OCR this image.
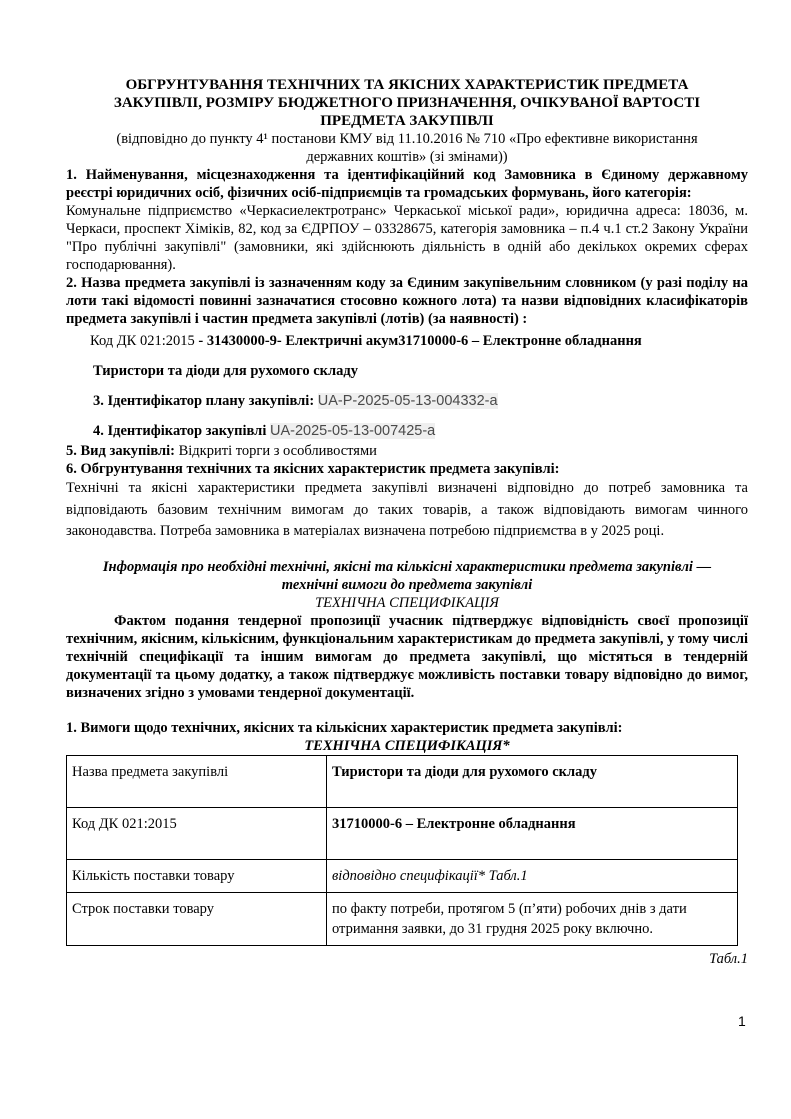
ОБГРУНТУВАННЯ ТЕХНІЧНИХ ТА ЯКІСНИХ ХАРАКТЕРИСТИК ПРЕДМЕТА

ЗАКУПІВЛІ, РОЗМІРУ БЮДЖЕТНОГО ПРИЗНАЧЕННЯ, ОЧІКУВАНОЇ ВАРТОСТІ

ПРЕДМЕТА ЗАКУПІВЛІ

(відповідно до пункту 4¹ постанови КМУ від 11.10.2016 № 710 «Про ефективне використання

державних коштів» (зі змінами))

1. Найменування, місцезнаходження та ідентифікаційний код Замовника в Єдиному державному реєстрі юридичних осіб, фізичних осіб-підприємців та громадських формувань, його категорія:

Комунальне підприємство «Черкасиелектротранс» Черкаської міської ради», юридична адреса: 18036, м. Черкаси, проспект Хіміків, 82, код за ЄДРПОУ – 03328675, категорія замовника – п.4 ч.1 ст.2 Закону України "Про публічні закупівлі" (замовники, які здійснюють діяльність в одній або декількох окремих сферах господарювання).

2. Назва предмета закупівлі із зазначенням коду за Єдиним закупівельним словником (у разі поділу на лоти такі відомості повинні зазначатися стосовно кожного лота) та назви відповідних класифікаторів предмета закупівлі і частин предмета закупівлі (лотів) (за наявності) :

Код ДК 021:2015 - 31430000-9- Електричні акум31710000-6 – Електронне обладнання

Тиристори та діоди для рухомого складу

3. Ідентифікатор плану закупівлі: UA-P-2025-05-13-004332-a

4. Ідентифікатор закупівлі UA-2025-05-13-007425-a

5. Вид закупівлі: Відкриті торги з особливостями

6. Обгрунтування технічних та якісних характеристик предмета закупівлі:

Технічні та якісні характеристики предмета закупівлі визначені відповідно до потреб замовника та відповідають базовим технічним вимогам до таких товарів, а також відповідають вимогам чинного законодавства. Потреба замовника в матеріалах визначена потребою підприємства в у 2025 році.

Інформація про необхідні технічні, якісні та кількісні характеристики предмета закупівлі —

технічні вимоги до предмета закупівлі

ТЕХНІЧНА СПЕЦИФІКАЦІЯ

Фактом подання тендерної пропозиції учасник підтверджує відповідність своєї пропозиції технічним, якісним, кількісним, функціональним характеристикам до предмета закупівлі, у тому числі технічній специфікації та іншим вимогам до предмета закупівлі, що містяться в тендерній документації та цьому додатку, а також підтверджує можливість поставки товару відповідно до вимог, визначених згідно з умовами тендерної документації.

1. Вимоги щодо технічних, якісних та кількісних характеристик предмета закупівлі:

ТЕХНІЧНА СПЕЦИФІКАЦІЯ*

Назва предмета закупівлі	Тиристори та діоди для рухомого складу
Код ДК 021:2015	31710000-6 – Електронне обладнання
Кількість поставки товару	відповідно специфікації* Табл.1
Строк поставки товару	по факту потреби, протягом 5 (п’яти) робочих днів з дати отримання заявки, до 31 грудня 2025 року включно.

Табл.1

1
